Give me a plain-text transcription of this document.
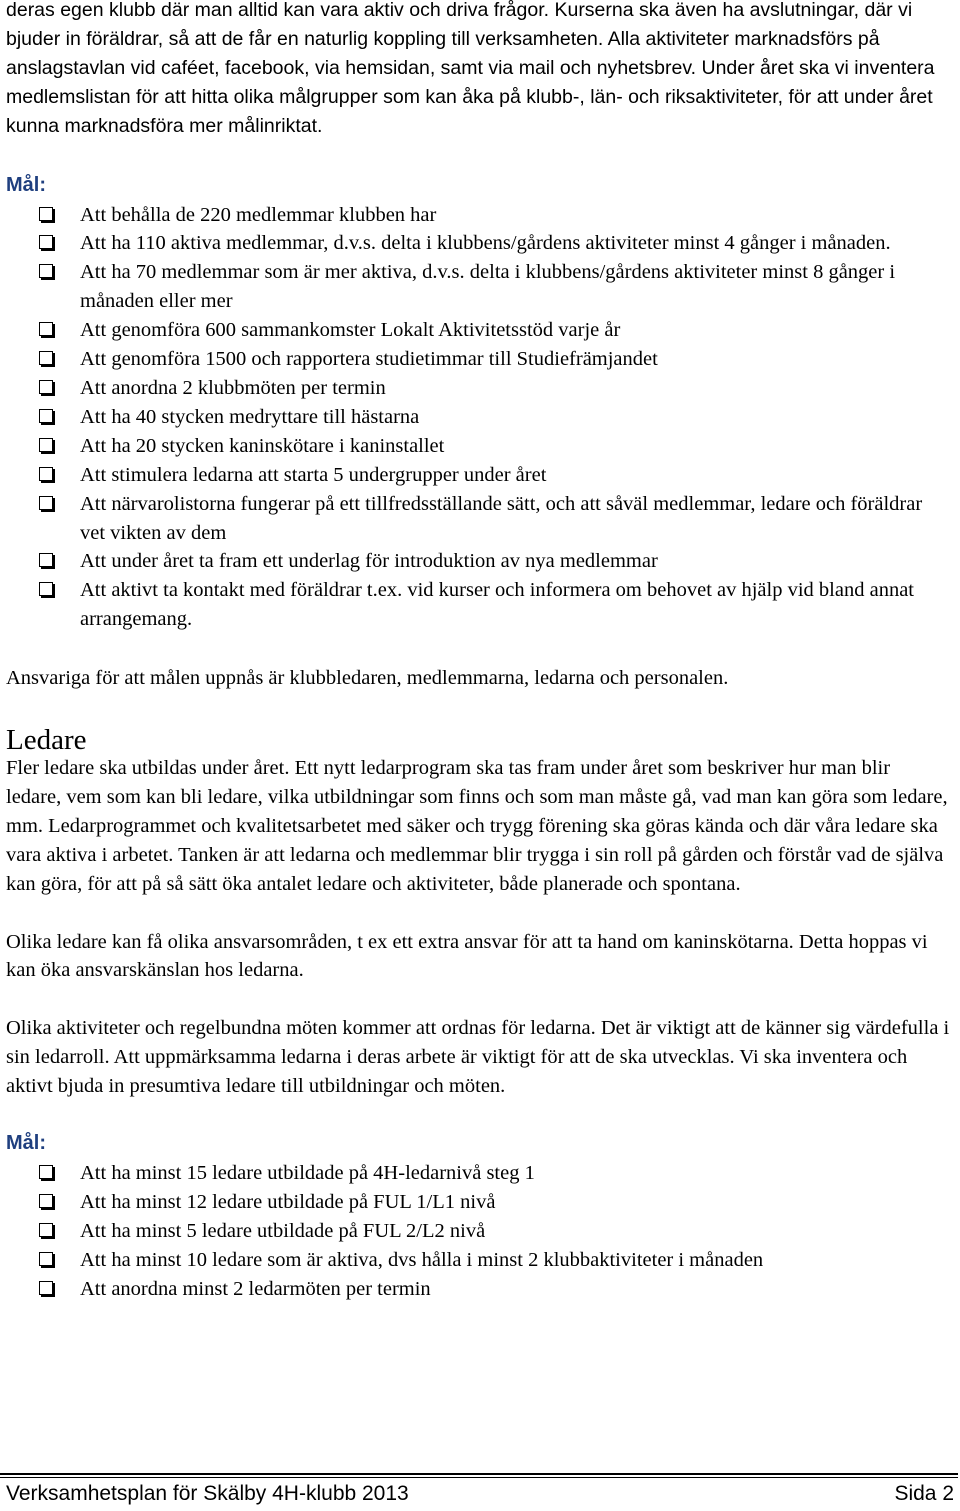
deras egen klubb där man alltid kan vara aktiv och driva frågor. Kurserna ska även ha avslutningar, där vi bjuder in föräldrar, så att de får en naturlig koppling till verksamheten. Alla aktiviteter marknadsförs på anslagstavlan vid caféet, facebook, via hemsidan, samt via mail och nyhetsbrev. Under året ska vi inventera medlemslistan för att hitta olika målgrupper som kan åka på klubb-, län- och riksaktiviteter, för att under året kunna marknadsföra mer målinriktat.

Mål:

Att behålla de 220 medlemmar klubben har
Att ha 110 aktiva medlemmar, d.v.s. delta i klubbens/gårdens aktiviteter minst 4 gånger i månaden.
Att ha 70 medlemmar som är mer aktiva, d.v.s. delta i klubbens/gårdens aktiviteter minst 8 gånger i månaden eller mer
Att genomföra 600 sammankomster Lokalt Aktivitetsstöd varje år
Att genomföra 1500 och rapportera studietimmar till Studiefrämjandet
Att anordna 2 klubbmöten per termin
Att ha 40 stycken medryttare till hästarna
Att ha 20 stycken kaninskötare i kaninstallet
Att stimulera ledarna att starta 5 undergrupper under året
Att närvarolistorna fungerar på ett tillfredsställande sätt, och att såväl medlemmar, ledare och föräldrar vet vikten av dem
Att under året ta fram ett underlag för introduktion av nya medlemmar
Att aktivt ta kontakt med föräldrar t.ex. vid kurser och informera om behovet av hjälp vid bland annat arrangemang.

Ansvariga för att målen uppnås är klubbledaren, medlemmarna, ledarna och personalen.

Ledare

Fler ledare ska utbildas under året. Ett nytt ledarprogram ska tas fram under året som beskriver hur man blir ledare, vem som kan bli ledare, vilka utbildningar som finns och som man måste gå, vad man kan göra som ledare, mm. Ledarprogrammet och kvalitetsarbetet med säker och trygg förening ska göras kända och där våra ledare ska vara aktiva i arbetet. Tanken är att ledarna och medlemmar blir trygga i sin roll på gården och förstår vad de själva kan göra, för att på så sätt öka antalet ledare och aktiviteter, både planerade och spontana.

Olika ledare kan få olika ansvarsområden, t ex ett extra ansvar för att ta hand om kaninskötarna. Detta hoppas vi kan öka ansvarskänslan hos ledarna.

Olika aktiviteter och regelbundna möten kommer att ordnas för ledarna. Det är viktigt att de känner sig värdefulla i sin ledarroll. Att uppmärksamma ledarna i deras arbete är viktigt för att de ska utvecklas. Vi ska inventera och aktivt bjuda in presumtiva ledare till utbildningar och möten.

Mål:

Att ha minst 15 ledare utbildade på 4H-ledarnivå steg 1
Att ha minst 12 ledare utbildade på FUL 1/L1 nivå
Att ha minst 5 ledare utbildade på FUL 2/L2 nivå
Att ha minst 10 ledare som är aktiva, dvs hålla i minst 2 klubbaktiviteter i månaden
Att anordna minst 2 ledarmöten per termin
Verksamhetsplan för Skälby 4H-klubb 2013	Sida 2
